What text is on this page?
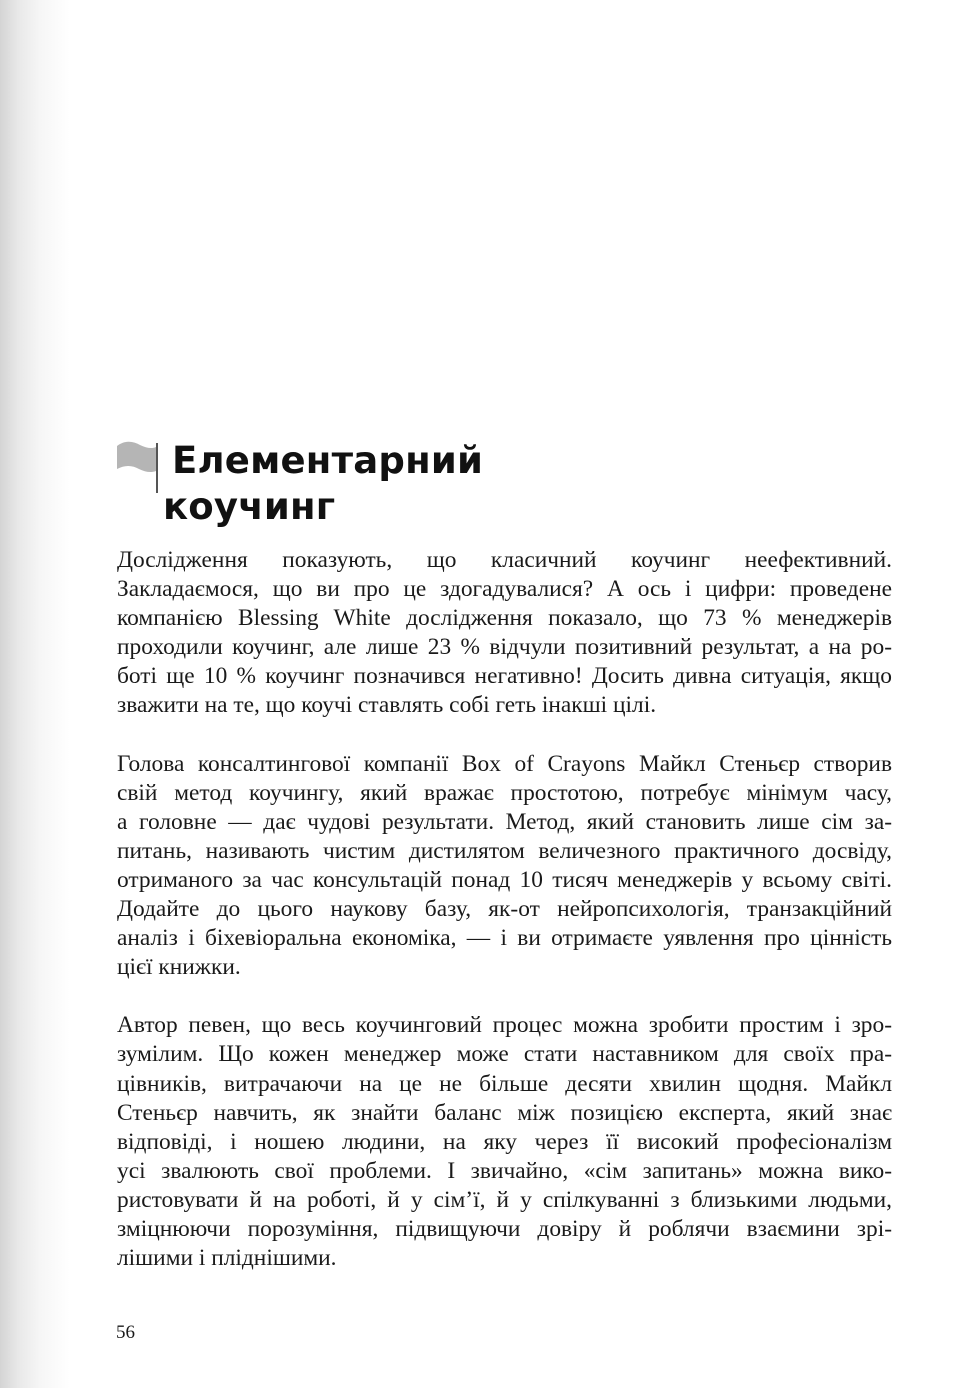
Елементарний
коучинг
Дослідження показують, що класичний коучинг неефективний.
Закладаємося, що ви про це здогадувалися? А ось і цифри: проведене
компанією Blessing White дослідження показало, що 73 % менеджерів
проходили коучинг, але лише 23 % відчули позитивний результат, а на ро-
боті ще 10 % коучинг позначився негативно! Досить дивна ситуація, якщо
зважити на те, що коучі ставлять собі геть інакші цілі.
Голова консалтингової компанії Box of Crayons Майкл Стеньєр створив
свій метод коучингу, який вражає простотою, потребує мінімум часу,
а головне — дає чудові результати. Метод, який становить лише сім за-
питань, називають чистим дистилятом величезного практичного досвіду,
отриманого за час консультацій понад 10 тисяч менеджерів у всьому світі.
Додайте до цього наукову базу, як-от нейропсихологія, транзакційний
аналіз і біхевіоральна економіка, — і ви отримаєте уявлення про цінність
цієї книжки.
Автор певен, що весь коучинговий процес можна зробити простим і зро-
зумілим. Що кожен менеджер може стати наставником для своїх пра-
цівників, витрачаючи на це не більше десяти хвилин щодня. Майкл
Стеньєр навчить, як знайти баланс між позицією експерта, який знає
відповіді, і ношею людини, на яку через її високий професіоналізм
усі звалюють свої проблеми. І звичайно, «сім запитань» можна вико-
ристовувати й на роботі, й у сім’ї, й у спілкуванні з близькими людьми,
зміцнюючи порозуміння, підвищуючи довіру й роблячи взаємини зрі-
лішими і пліднішими.
56
